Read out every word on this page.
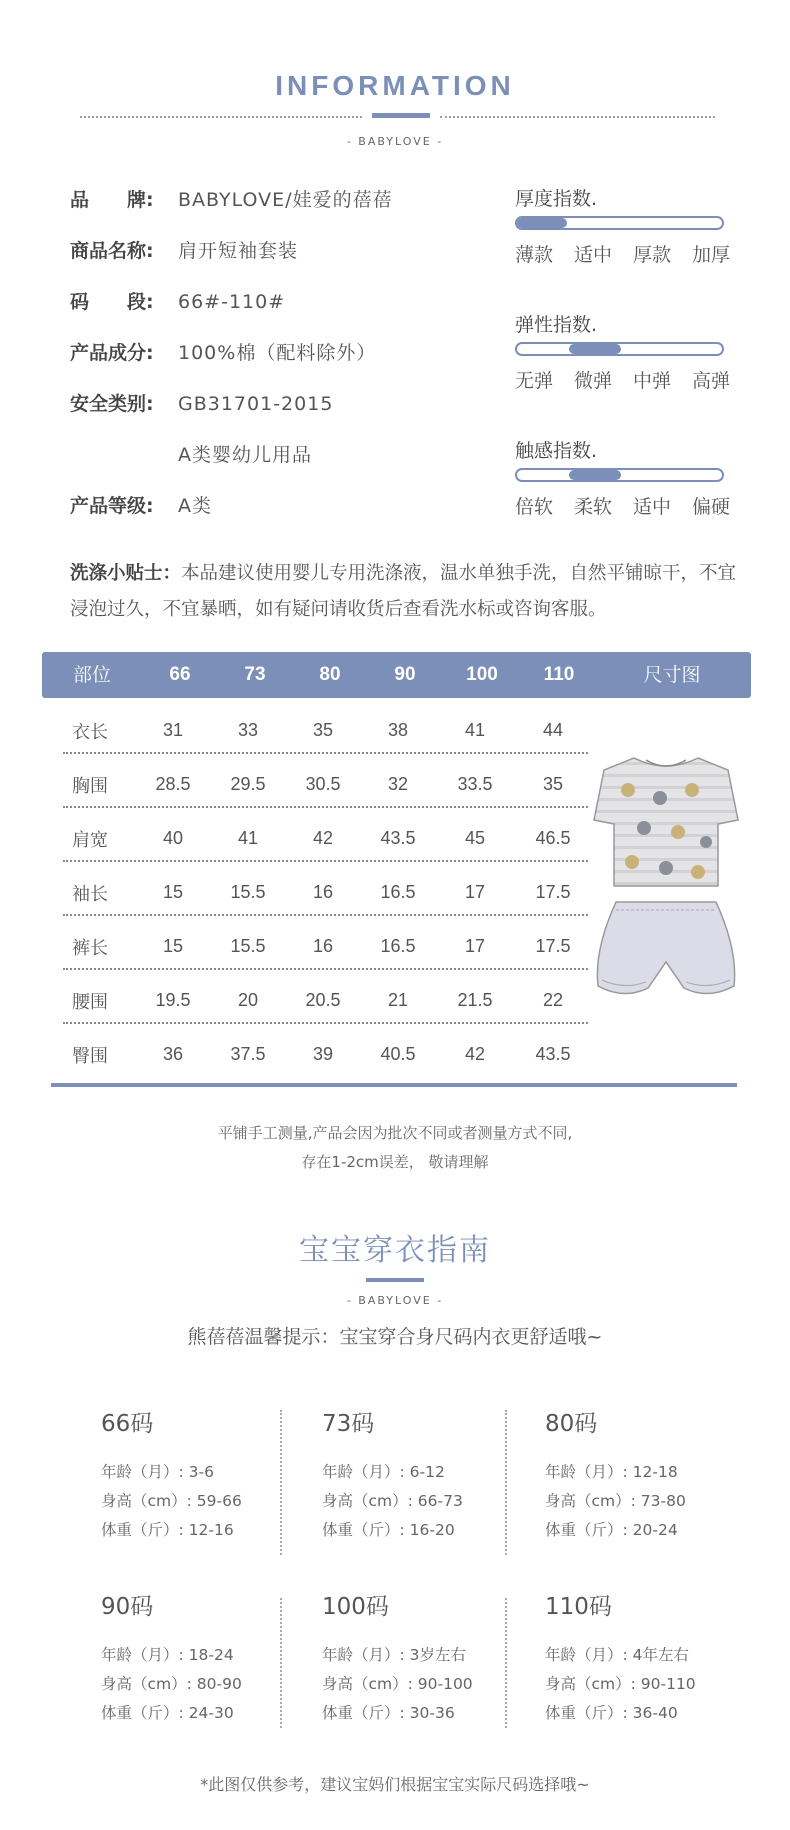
INFORMATION
- BABYLOVE -
品　　牌: BABYLOVE/娃爱的蓓蓓
商品名称: 肩开短袖套装
码　　段: 66#-110#
产品成分: 100%棉（配料除外）
安全类别: GB31701-2015
A类婴幼儿用品
产品等级: A类
厚度指数.
薄款 适中 厚款 加厚
弹性指数.
无弹 微弹 中弹 高弹
触感指数.
倍软 柔软 适中 偏硬
洗涤小贴士：本品建议使用婴儿专用洗涤液，温水单独手洗，自然平铺晾干，不宜浸泡过久，不宜暴晒，如有疑问请收货后查看洗水标或咨询客服。
部位	66	73	80	90	100	110	尺寸图
衣长	31	33	35	38	41	44
胸围	28.5	29.5	30.5	32	33.5	35
肩宽	40	41	42	43.5	45	46.5
袖长	15	15.5	16	16.5	17	17.5
裤长	15	15.5	16	16.5	17	17.5
腰围	19.5	20	20.5	21	21.5	22
臀围	36	37.5	39	40.5	42	43.5
平铺手工测量,产品会因为批次不同或者测量方式不同,
存在1-2cm误差， 敬请理解
宝宝穿衣指南
- BABYLOVE -
熊蓓蓓温馨提示：宝宝穿合身尺码内衣更舒适哦~
66码
年龄（月）: 3-6
身高（cm）: 59-66
体重（斤）: 12-16
73码
年龄（月）: 6-12
身高（cm）: 66-73
体重（斤）: 16-20
80码
年龄（月）: 12-18
身高（cm）: 73-80
体重（斤）: 20-24
90码
年龄（月）: 18-24
身高（cm）: 80-90
体重（斤）: 24-30
100码
年龄（月）: 3岁左右
身高（cm）: 90-100
体重（斤）: 30-36
110码
年龄（月）: 4年左右
身高（cm）: 90-110
体重（斤）: 36-40
*此图仅供参考，建议宝妈们根据宝宝实际尺码选择哦~
